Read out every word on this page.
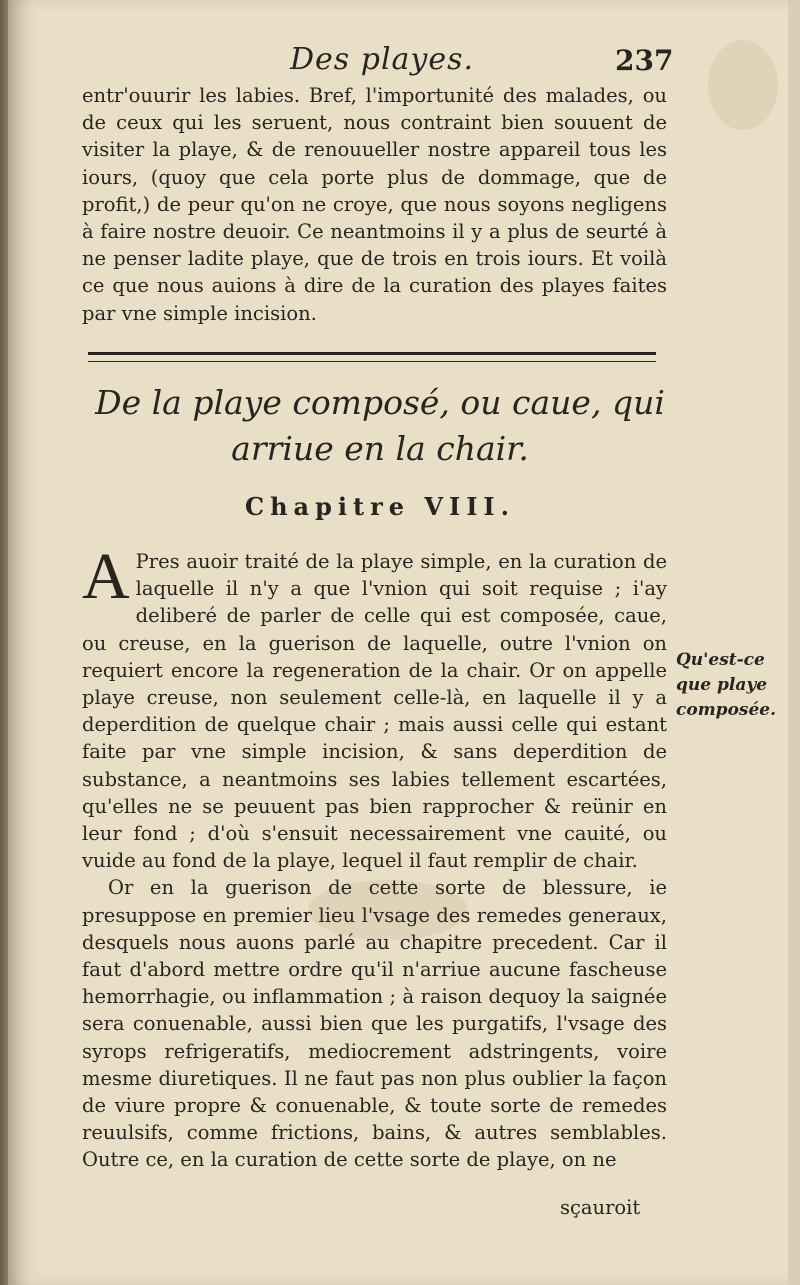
Des playes.	237

entr'ouurir les labies. Bref, l'importunité des malades, ou de ceux qui les seruent, nous contraint bien souuent de visiter la playe, & de renouueller nostre appareil tous les iours, (quoy que cela porte plus de dommage, que de profit,) de peur qu'on ne croye, que nous soyons negligens à faire nostre deuoir. Ce neantmoins il y a plus de seurté à ne penser ladite playe, que de trois en trois iours. Et voilà ce que nous auions à dire de la curation des playes faites par vne simple incision.

De la playe composé, ou caue, qui arriue en la chair.
Chapitre VIII.

A Pres auoir traité de la playe simple, en la curation de laquelle il n'y a que l'vnion qui soit requise ; i'ay deliberé de parler de celle qui est composée, caue, ou creuse, en la guerison de laquelle, outre l'vnion on requiert encore la regeneration de la chair. Or on appelle playe creuse, non seulement celle-là, en laquelle il y a deperdition de quelque chair ; mais aussi celle qui estant faite par vne simple incision, & sans deperdition de substance, a neantmoins ses labies tellement escartées, qu'elles ne se peuuent pas bien rapprocher & reünir en leur fond ; d'où s'ensuit necessairement vne cauité, ou vuide au fond de la playe, lequel il faut remplir de chair.

Or en la guerison de cette sorte de blessure, ie presuppose en premier lieu l'vsage des remedes generaux, desquels nous auons parlé au chapitre precedent. Car il faut d'abord mettre ordre qu'il n'arriue aucune fascheuse hemorrhagie, ou inflammation ; à raison dequoy la saignée sera conuenable, aussi bien que les purgatifs, l'vsage des syrops refrigeratifs, mediocrement adstringents, voire mesme diuretiques. Il ne faut pas non plus oublier la façon de viure propre & conuenable, & toute sorte de remedes reuulsifs, comme frictions, bains, & autres semblables. Outre ce, en la curation de cette sorte de playe, on ne

Qu'est-ce que playe composée.
sçauroit
